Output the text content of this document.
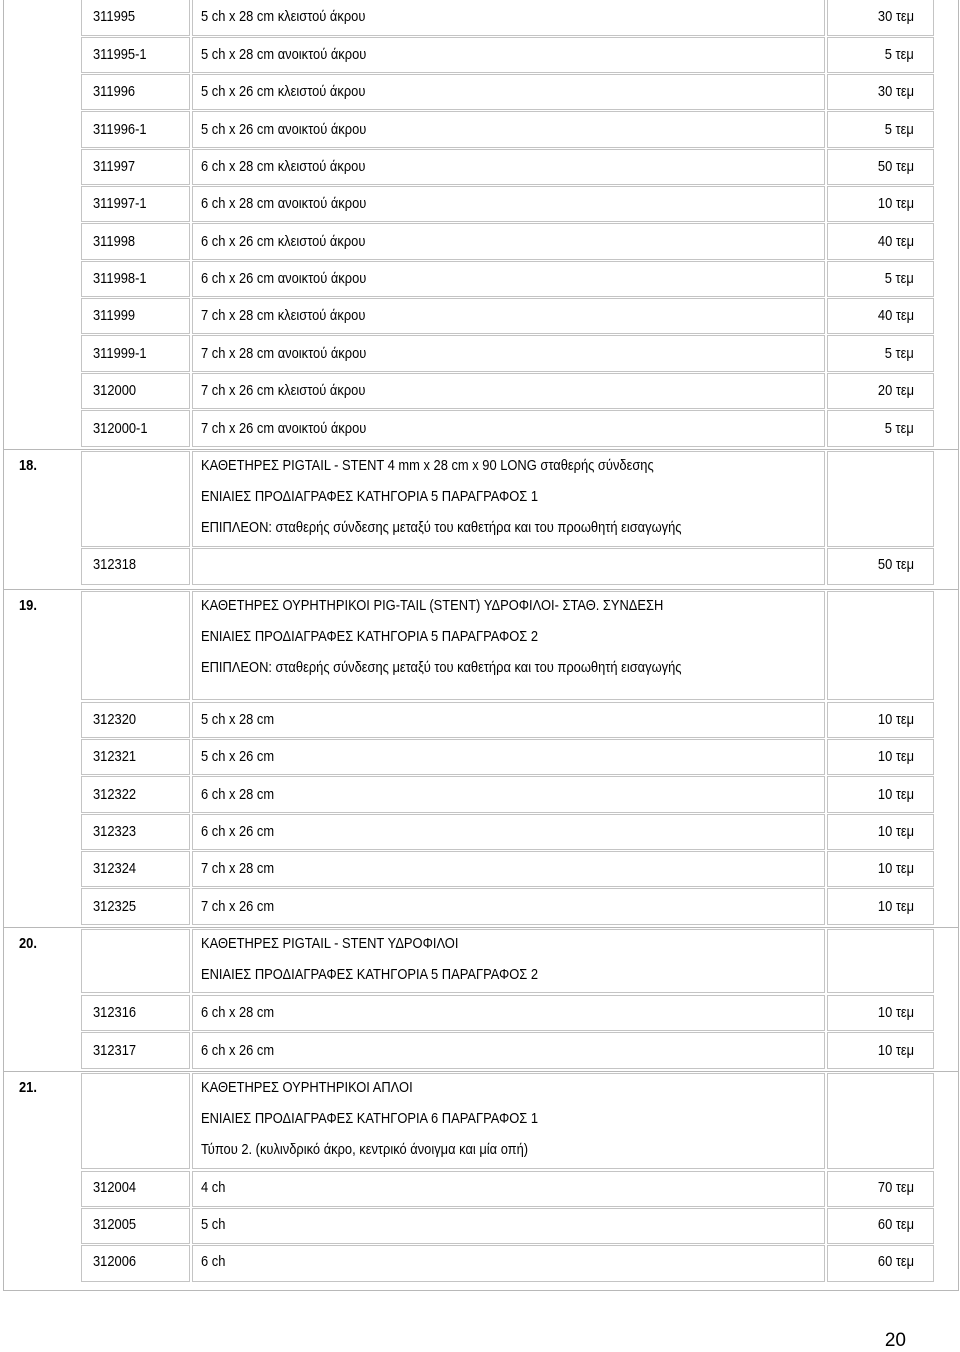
311995	5 ch x 28 cm κλειστού άκρου	30 τεμ
311995-1	5 ch x 28 cm ανοικτού άκρου	5 τεμ
311996	5 ch x 26 cm κλειστού άκρου	30 τεμ
311996-1	5 ch x 26 cm ανοικτού άκρου	5 τεμ
311997	6 ch x 28 cm κλειστού άκρου	50 τεμ
311997-1	6 ch x 28 cm ανοικτού άκρου	10 τεμ
311998	6 ch x 26 cm κλειστού άκρου	40 τεμ
311998-1	6 ch x 26 cm ανοικτού άκρου	5 τεμ
311999	7 ch x 28 cm κλειστού άκρου	40 τεμ
311999-1	7 ch x 28 cm ανοικτού άκρου	5 τεμ
312000	7 ch x 26 cm κλειστού άκρου	20 τεμ
312000-1	7 ch x 26 cm ανοικτού άκρου	5 τεμ
18.	ΚΑΘΕΤΗΡΕΣ PIGTAIL - STENT 4 mm x 28 cm x 90 LONG σταθερής σύνδεσης
ΕΝΙΑΙΕΣ ΠΡΟΔΙΑΓΡΑΦΕΣ ΚΑΤΗΓΟΡΙΑ 5 ΠΑΡΑΓΡΑΦΟΣ 1
ΕΠΙΠΛΕΟΝ: σταθερής σύνδεσης μεταξύ του καθετήρα και του προωθητή εισαγωγής
312318	50 τεμ
19.	ΚΑΘΕΤΗΡΕΣ ΟΥΡΗΤΗΡΙΚΟΙ PIG-TAIL (STENT) ΥΔΡΟΦΙΛΟΙ- ΣΤΑΘ. ΣΥΝΔΕΣΗ
ΕΝΙΑΙΕΣ ΠΡΟΔΙΑΓΡΑΦΕΣ ΚΑΤΗΓΟΡΙΑ 5 ΠΑΡΑΓΡΑΦΟΣ 2
ΕΠΙΠΛΕΟΝ: σταθερής σύνδεσης μεταξύ του καθετήρα και του προωθητή εισαγωγής
312320	5 ch x 28 cm	10 τεμ
312321	5 ch x 26 cm	10 τεμ
312322	6 ch x 28 cm	10 τεμ
312323	6 ch x 26 cm	10 τεμ
312324	7 ch x 28 cm	10 τεμ
312325	7 ch x 26 cm	10 τεμ
20.	ΚΑΘΕΤΗΡΕΣ PIGTAIL - STENT ΥΔΡΟΦΙΛΟΙ
ΕΝΙΑΙΕΣ ΠΡΟΔΙΑΓΡΑΦΕΣ ΚΑΤΗΓΟΡΙΑ 5 ΠΑΡΑΓΡΑΦΟΣ 2
312316	6 ch x 28 cm	10 τεμ
312317	6 ch x 26 cm	10 τεμ
21.	ΚΑΘΕΤΗΡΕΣ ΟΥΡΗΤΗΡΙΚΟΙ ΑΠΛΟΙ
ΕΝΙΑΙΕΣ ΠΡΟΔΙΑΓΡΑΦΕΣ ΚΑΤΗΓΟΡΙΑ 6 ΠΑΡΑΓΡΑΦΟΣ 1
Τύπου 2. (κυλινδρικό άκρο, κεντρικό άνοιγμα και μία οπή)
312004	4 ch	70 τεμ
312005	5 ch	60 τεμ
312006	6 ch	60 τεμ
20
